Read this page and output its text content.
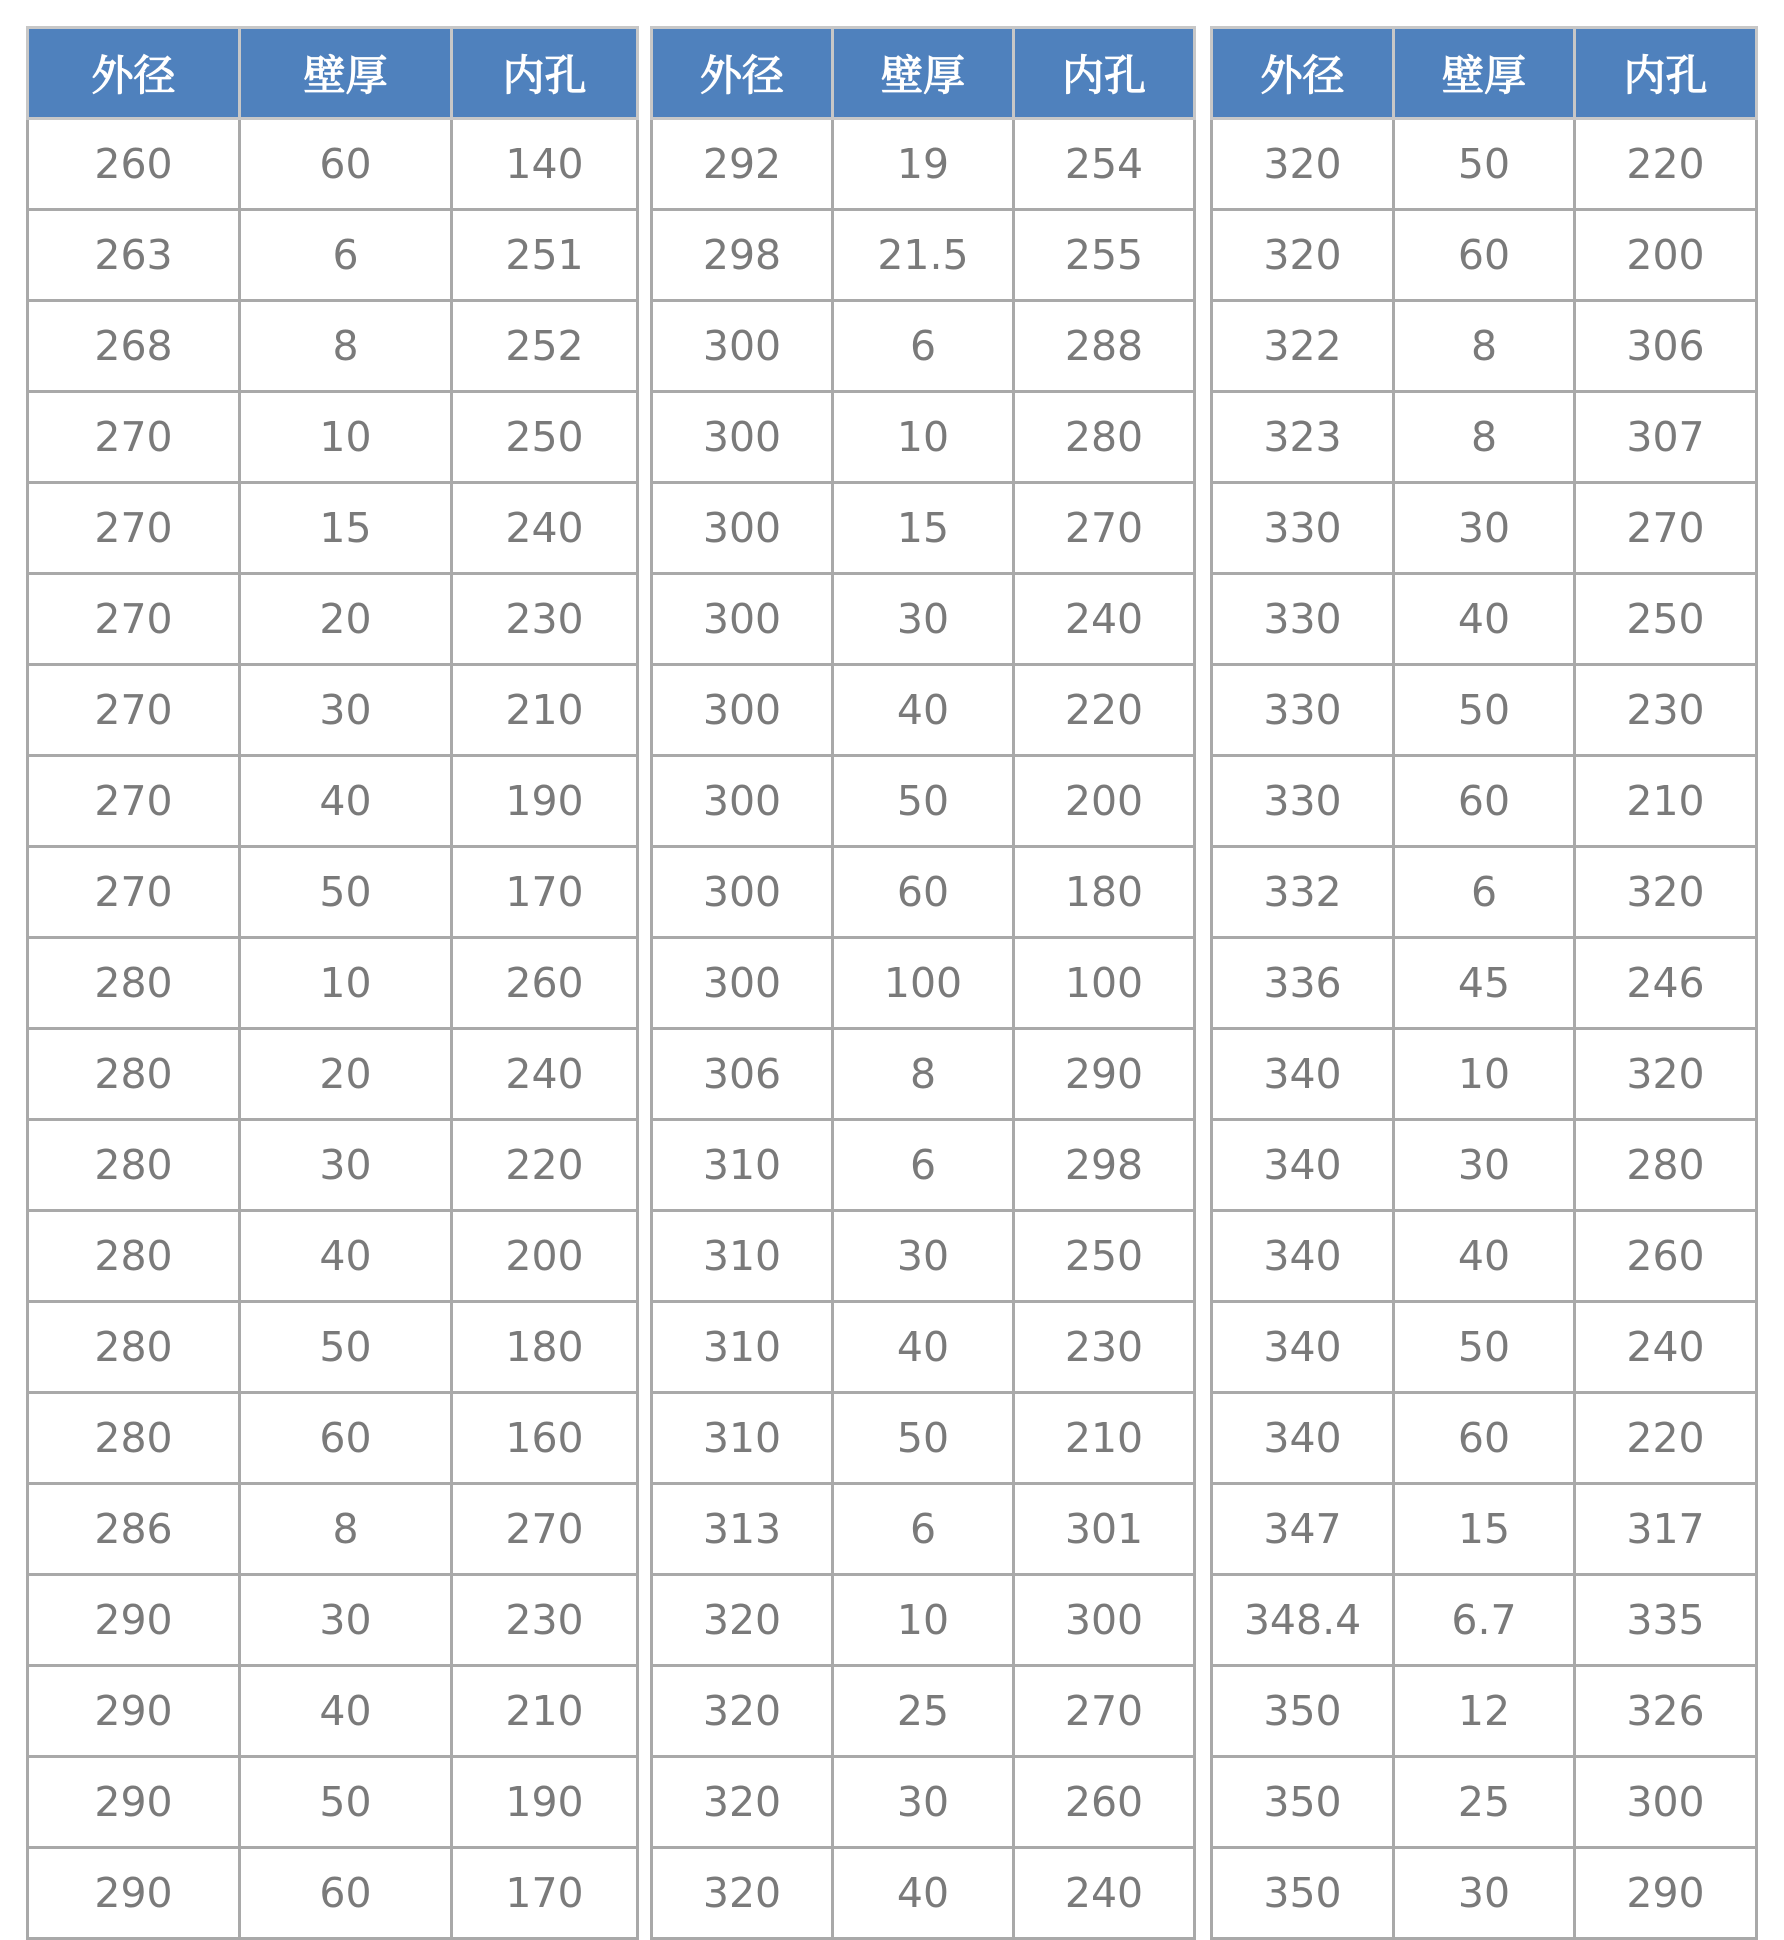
外径	壁厚	内孔
260	60	140
263	6	251
268	8	252
270	10	250
270	15	240
270	20	230
270	30	210
270	40	190
270	50	170
280	10	260
280	20	240
280	30	220
280	40	200
280	50	180
280	60	160
286	8	270
290	30	230
290	40	210
290	50	190
290	60	170
外径	壁厚	内孔
292	19	254
298	21.5	255
300	6	288
300	10	280
300	15	270
300	30	240
300	40	220
300	50	200
300	60	180
300	100	100
306	8	290
310	6	298
310	30	250
310	40	230
310	50	210
313	6	301
320	10	300
320	25	270
320	30	260
320	40	240
外径	壁厚	内孔
320	50	220
320	60	200
322	8	306
323	8	307
330	30	270
330	40	250
330	50	230
330	60	210
332	6	320
336	45	246
340	10	320
340	30	280
340	40	260
340	50	240
340	60	220
347	15	317
348.4	6.7	335
350	12	326
350	25	300
350	30	290
